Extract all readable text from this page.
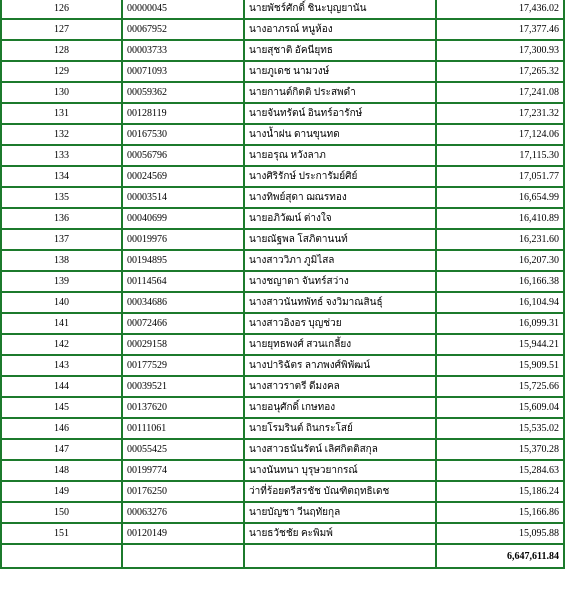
126	00000045	นายพัชร์ศักดิ์ ชินะบุญยานัน	17,436.02
127	00067952	นางอาภรณ์ หนูห้อง	17,377.46
128	00003733	นายสุชาติ อัคนียุทธ	17,300.93
129	00071093	นายภูเดช นามวงษ์	17,265.32
130	00059362	นายกานต์กิตติ ประสพดำ	17,241.08
131	00128119	นายจันทรัตน์ อินทร์อารักษ์	17,231.32
132	00167530	นางน้ำฝน ดานขุนทด	17,124.06
133	00056796	นายอรุณ หวังลาภ	17,115.30
134	00024569	นางศิริรักษ์ ประการัมย์ศิย์	17,051.77
135	00003514	นางทิพย์สุดา ฌณรทอง	16,654.99
136	00040699	นายอภิวัฒน์ ต่างใจ	16,410.89
137	00019976	นายณัฐพล โสภิตานนท์	16,231.60
138	00194895	นางสาววิภา ภูมิไสล	16,207.30
139	00114564	นางชญาดา จันทร์สว่าง	16,166.38
140	00034686	นางสาวนันทพัทธ์ จงวิมาณสินธุ์	16,104.94
141	00072466	นางสาวอิงอร บุญช่วย	16,099.31
142	00029158	นายยุทธพงศ์ สวนเกลี้ยง	15,944.21
143	00177529	นางปาริฉัตร ลาภพงศ์พิพัฒน์	15,909.51
144	00039521	นางสาวราตรี ดีมงคล	15,725.66
145	00137620	นายอนุศักดิ์ เกษทอง	15,609.04
146	00111061	นายโรมรินต์ ถินกระโสย์	15,535.02
147	00055425	นางสาวธนันรัตน์ เลิศกิตติสกุล	15,370.28
148	00199774	นางนันทนา บุรุษวยากรณ์	15,284.63
149	00176250	ว่าที่ร้อยตรีสรชัช บัณฑิตฤทธิเดช	15,186.24
150	00063276	นายบัญชา วีนฤทัยกุล	15,166.86
151	00120149	นายธวัชชัย คะพิมพ์	15,095.88
			6,647,611.84
